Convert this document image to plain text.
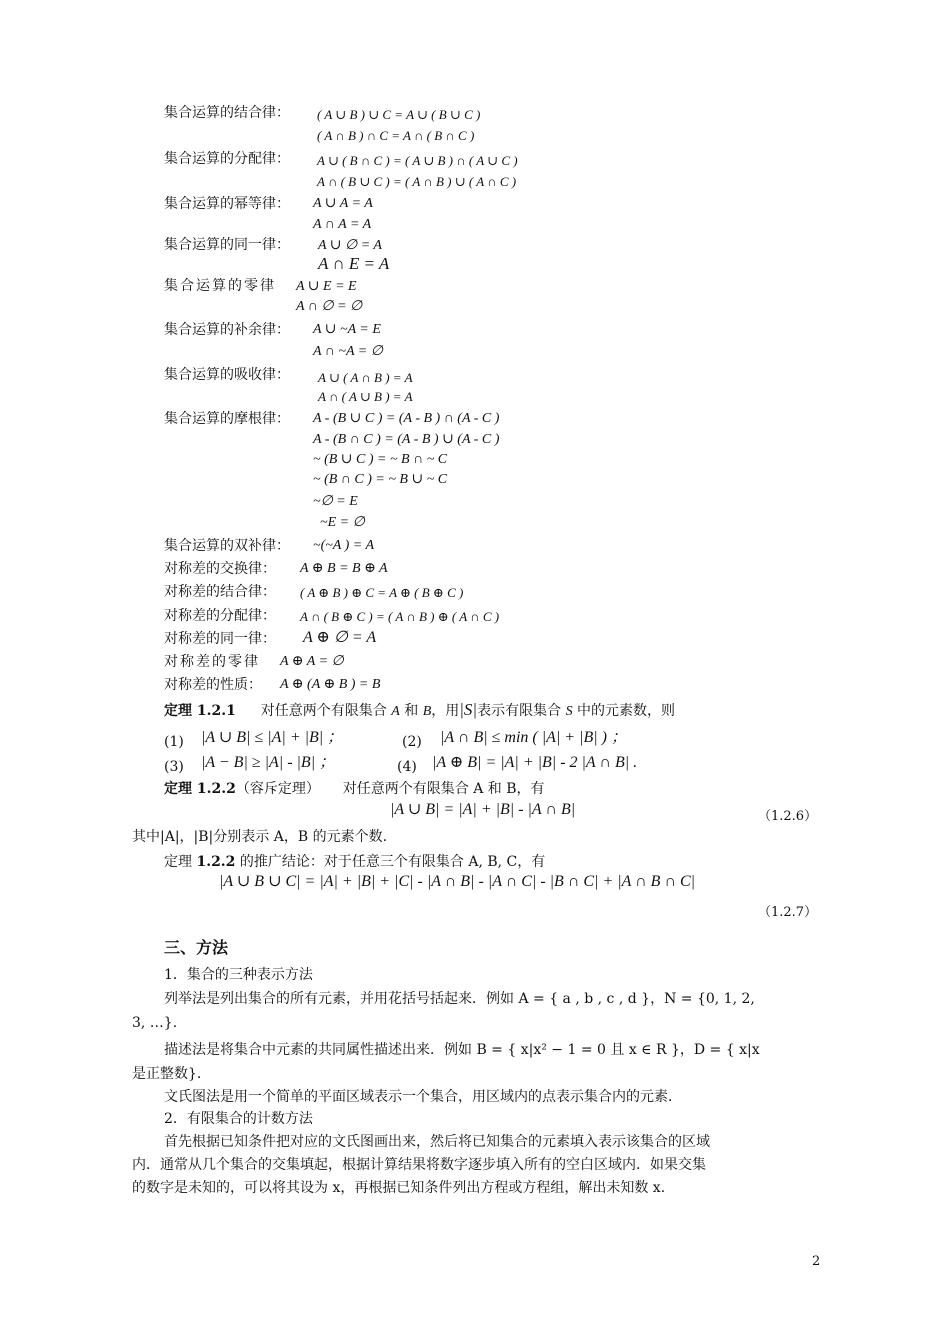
集合运算的结合律： ( A ∪ B ) ∪ C = A ∪ ( B ∪ C )
( A ∩ B ) ∩ C = A ∩ ( B ∩ C )
集合运算的分配律： A ∪ ( B ∩ C ) = ( A ∪ B ) ∩ ( A ∪ C )
A ∩ ( B ∪ C ) = ( A ∩ B ) ∪ ( A ∩ C )
集合运算的幂等律： A ∪ A = A
A ∩ A = A
集合运算的同一律： A ∪ ∅ = A
A ∩ E = A
集合运算的零律 A ∪ E = E
A ∩ ∅ = ∅
集合运算的补余律： A ∪ ~A = E
A ∩ ~A = ∅
集合运算的吸收律： A ∪ ( A ∩ B ) = A
A ∩ ( A ∪ B ) = A
集合运算的摩根律： A - (B ∪ C ) = (A - B ) ∩ (A - C )
A - (B ∩ C ) = (A - B ) ∪ (A - C )
~ (B ∪ C ) = ~ B ∩ ~ C
~ (B ∩ C ) = ~ B ∪ ~ C
~∅ = E
~E = ∅
集合运算的双补律： ~(~A ) = A
对称差的交换律： A ⊕ B = B ⊕ A
对称差的结合律： ( A ⊕ B ) ⊕ C = A ⊕ ( B ⊕ C )
对称差的分配律： A ∩ ( B ⊕ C ) = ( A ∩ B ) ⊕ ( A ∩ C )
对称差的同一律： A ⊕ ∅ = A
对称差的零律 A ⊕ A = ∅
对称差的性质： A ⊕ (A ⊕ B ) = B
定理 1.2.1 对任意两个有限集合 A 和 B，用|S|表示有限集合 S 中的元素数，则
(1) |A ∪ B| ≤ |A| + |B| ；	(2) |A ∩ B| ≤ min ( |A| + |B| ) ；
(3) |A − B| ≥ |A| - |B| ；	(4) |A ⊕ B| = |A| + |B| - 2 |A ∩ B| .
定理 1.2.2（容斥定理） 对任意两个有限集合 A 和 B，有
|A ∪ B| = |A| + |B| - |A ∩ B|	（1.2.6）
其中|A|，|B|分别表示 A，B 的元素个数.
定理 1.2.2 的推广结论：对于任意三个有限集合 A, B, C，有
|A ∪ B ∪ C| = |A| + |B| + |C| - |A ∩ B| - |A ∩ C| - |B ∩ C| + |A ∩ B ∩ C|
（1.2.7）
三、方法
1．集合的三种表示方法
列举法是列出集合的所有元素，并用花括号括起来．例如 A = { a , b , c , d }，N = {0, 1, 2,
3, …}.
描述法是将集合中元素的共同属性描述出来．例如 B = { x|x² − 1 = 0 且 x ∈ R }，D = { x|x
是正整数}.
文氏图法是用一个简单的平面区域表示一个集合，用区域内的点表示集合内的元素．
2．有限集合的计数方法
首先根据已知条件把对应的文氏图画出来，然后将已知集合的元素填入表示该集合的区域
内．通常从几个集合的交集填起，根据计算结果将数字逐步填入所有的空白区域内．如果交集
的数字是未知的，可以将其设为 x，再根据已知条件列出方程或方程组，解出未知数 x.
2
